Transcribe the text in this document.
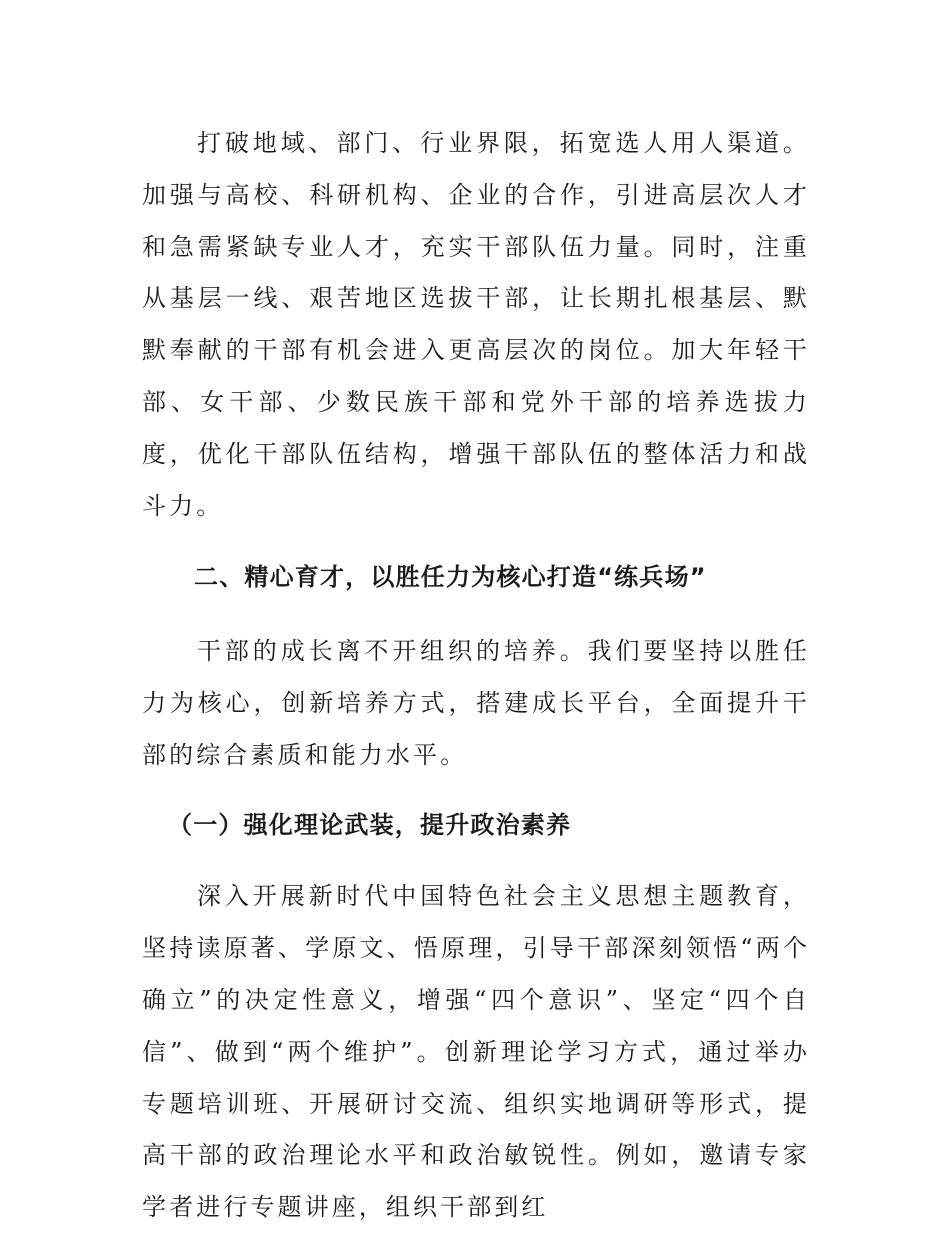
打破地域、部门、行业界限，拓宽选人用人渠道。加强与高校、科研机构、企业的合作，引进高层次人才和急需紧缺专业人才，充实干部队伍力量。同时，注重从基层一线、艰苦地区选拔干部，让长期扎根基层、默默奉献的干部有机会进入更高层次的岗位。加大年轻干部、女干部、少数民族干部和党外干部的培养选拔力度，优化干部队伍结构，增强干部队伍的整体活力和战斗力。

二、精心育才，以胜任力为核心打造“练兵场”

干部的成长离不开组织的培养。我们要坚持以胜任力为核心，创新培养方式，搭建成长平台，全面提升干部的综合素质和能力水平。

（一）强化理论武装，提升政治素养

深入开展新时代中国特色社会主义思想主题教育，坚持读原著、学原文、悟原理，引导干部深刻领悟“两个确立”的决定性意义，增强“四个意识”、坚定“四个自信”、做到“两个维护”。创新理论学习方式，通过举办专题培训班、开展研讨交流、组织实地调研等形式，提高干部的政治理论水平和政治敏锐性。例如，邀请专家学者进行专题讲座，组织干部到红
